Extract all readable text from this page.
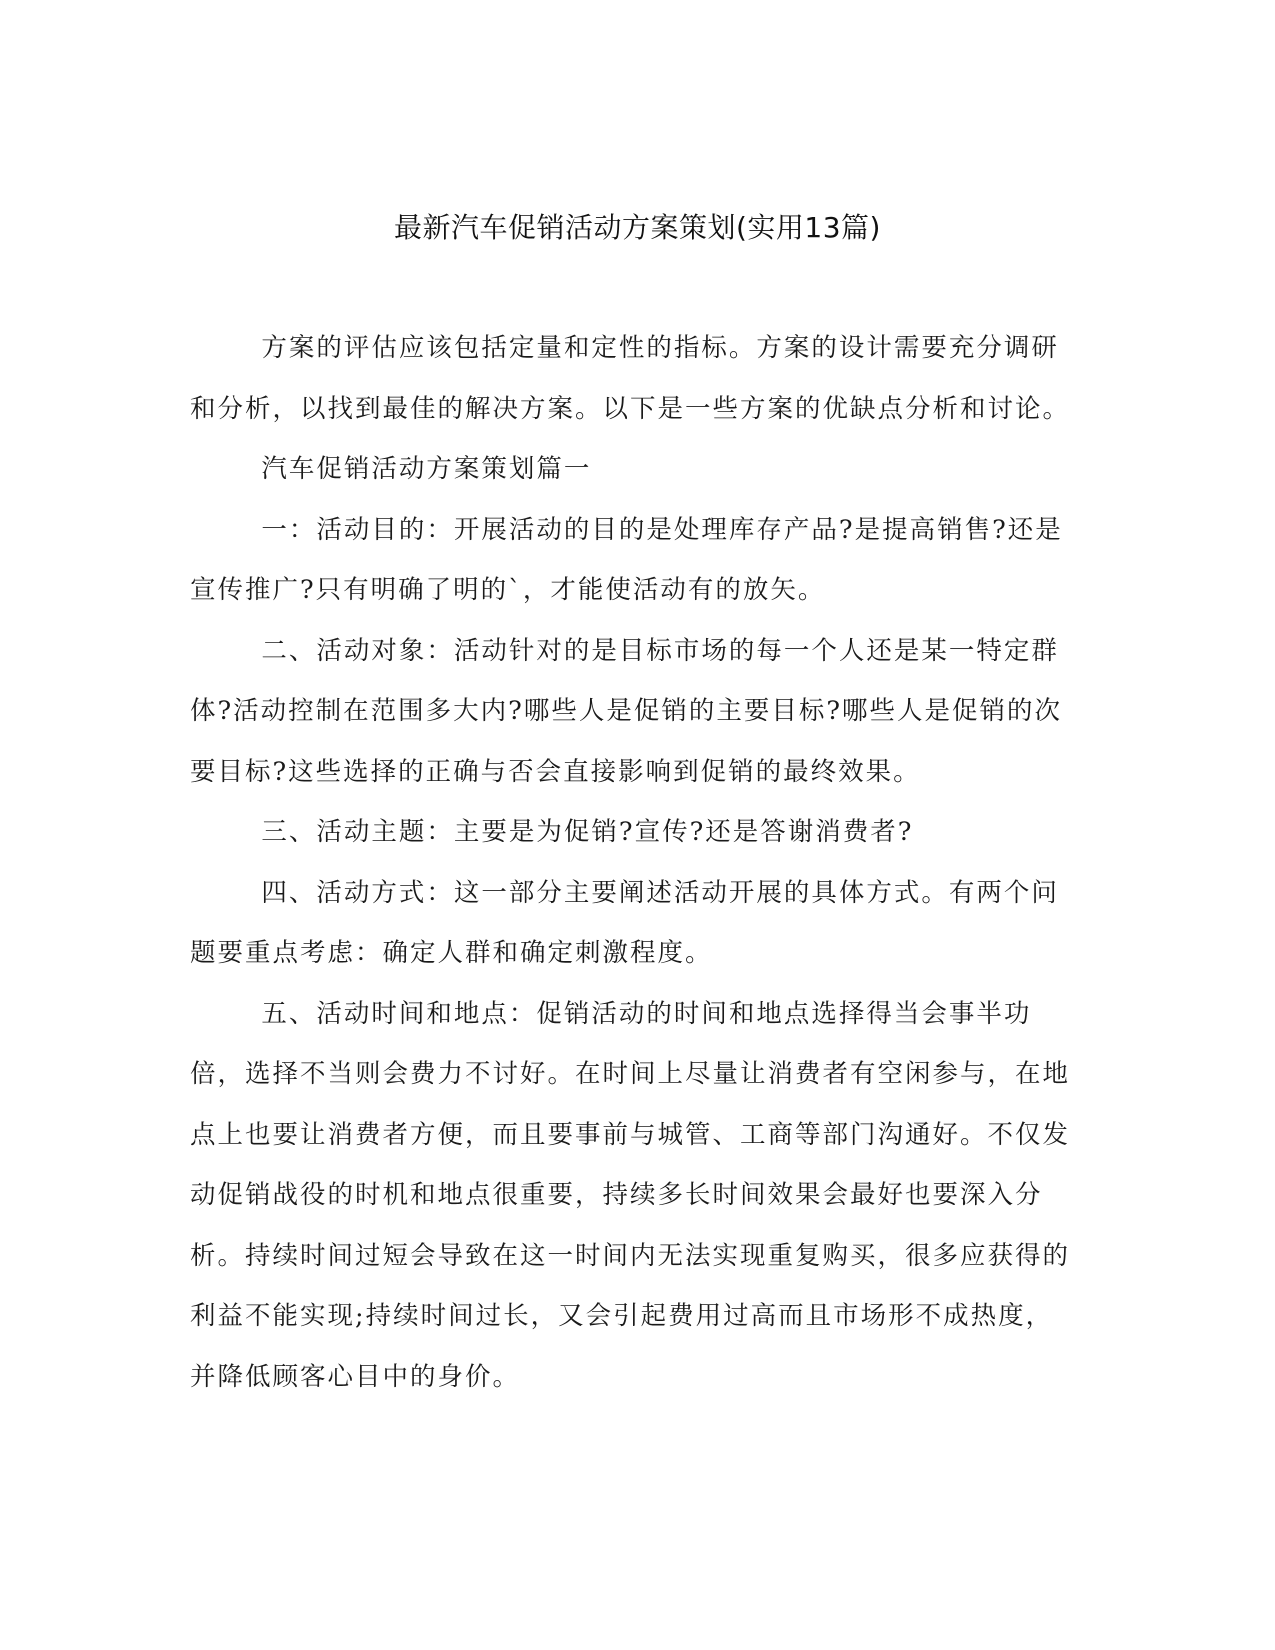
最新汽车促销活动方案策划(实用13篇)

方案的评估应该包括定量和定性的指标。方案的设计需要充分调研和分析，以找到最佳的解决方案。以下是一些方案的优缺点分析和讨论。

汽车促销活动方案策划篇一

一：活动目的：开展活动的目的是处理库存产品?是提高销售?还是宣传推广?只有明确了明的`，才能使活动有的放矢。

二、活动对象：活动针对的是目标市场的每一个人还是某一特定群体?活动控制在范围多大内?哪些人是促销的主要目标?哪些人是促销的次要目标?这些选择的正确与否会直接影响到促销的最终效果。

三、活动主题：主要是为促销?宣传?还是答谢消费者?

四、活动方式：这一部分主要阐述活动开展的具体方式。有两个问题要重点考虑：确定人群和确定刺激程度。

五、活动时间和地点：促销活动的时间和地点选择得当会事半功倍，选择不当则会费力不讨好。在时间上尽量让消费者有空闲参与，在地点上也要让消费者方便，而且要事前与城管、工商等部门沟通好。不仅发动促销战役的时机和地点很重要，持续多长时间效果会最好也要深入分析。持续时间过短会导致在这一时间内无法实现重复购买，很多应获得的利益不能实现;持续时间过长，又会引起费用过高而且市场形不成热度，并降低顾客心目中的身价。
